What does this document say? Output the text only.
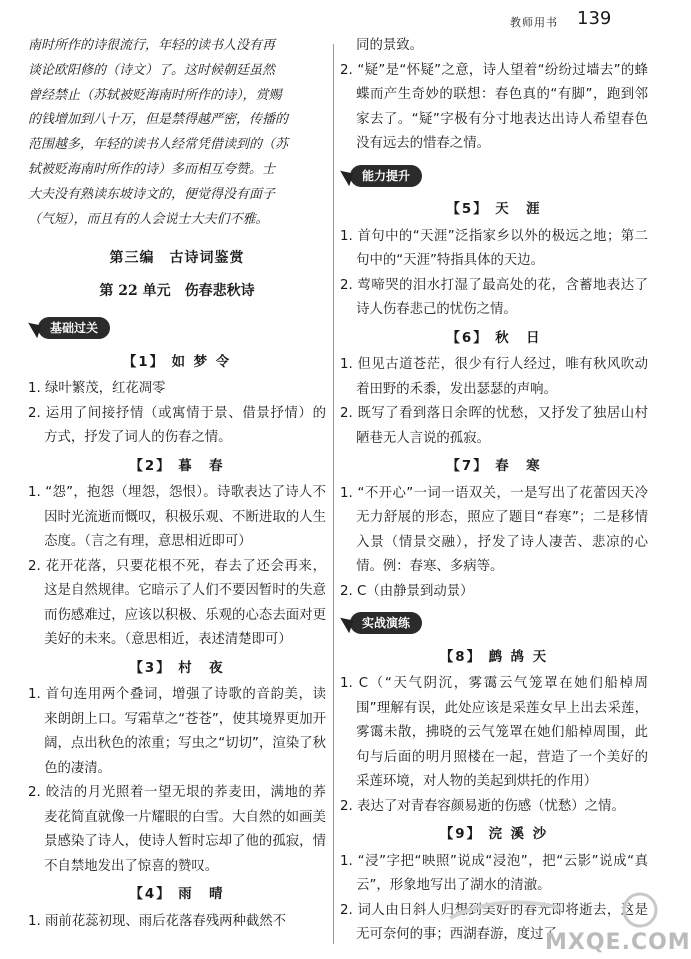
教师用书 139

南时所作的诗很流行，年轻的读书人没有再

谈论欧阳修的（诗文）了。这时候朝廷虽然

曾经禁止（苏轼被贬海南时所作的诗），赏赐

的钱增加到八十万，但是禁得越严密，传播的

范围越多，年轻的读书人经常凭借读到的（苏

轼被贬海南时所作的诗）多而相互夸赞。士

大夫没有熟读东坡诗文的，便觉得没有面子

（气短），而且有的人会说士大夫们不雅。

第三编　古诗词鉴赏

第 22 单元　伤春悲秋诗

基础过关

【1】 如 梦 令

1. 绿叶繁茂，红花凋零

2. 运用了间接抒情（或寓情于景、借景抒情）的方式，抒发了词人的伤春之情。

【2】 暮　春

1. “怨”，抱怨（埋怨，怨恨）。诗歌表达了诗人不因时光流逝而慨叹，积极乐观、不断进取的人生态度。（言之有理，意思相近即可）

2. 花开花落，只要花根不死，春去了还会再来，这是自然规律。它暗示了人们不要因暂时的失意而伤感难过，应该以积极、乐观的心态去面对更美好的未来。（意思相近，表述清楚即可）

【3】 村　夜

1. 首句连用两个叠词，增强了诗歌的音韵美，读来朗朗上口。写霜草之“苍苍”，使其境界更加开阔，点出秋色的浓重；写虫之“切切”，渲染了秋色的凄清。

2. 皎洁的月光照着一望无垠的荞麦田，满地的荞麦花简直就像一片耀眼的白雪。大自然的如画美景感染了诗人，使诗人暂时忘却了他的孤寂，情不自禁地发出了惊喜的赞叹。

【4】 雨　晴

1. 雨前花蕊初现、雨后花落春残两种截然不

同的景致。

2. “疑”是“怀疑”之意，诗人望着“纷纷过墙去”的蜂蝶而产生奇妙的联想：春色真的“有脚”，跑到邻家去了。“疑”字极有分寸地表达出诗人希望春色没有远去的惜春之情。

能力提升

【5】 天　涯

1. 首句中的“天涯”泛指家乡以外的极远之地；第二句中的“天涯”特指具体的天边。

2. 莺啼哭的泪水打湿了最高处的花，含蓄地表达了诗人伤春悲己的忧伤之情。

【6】 秋　日

1. 但见古道苍茫，很少有行人经过，唯有秋风吹动着田野的禾黍，发出瑟瑟的声响。

2. 既写了看到落日余晖的忧愁，又抒发了独居山村陋巷无人言说的孤寂。

【7】 春　寒

1. “不开心”一词一语双关，一是写出了花蕾因天冷无力舒展的形态，照应了题目“春寒”；二是移情入景（情景交融），抒发了诗人凄苦、悲凉的心情。例：春寒、多病等。

2. C（由静景到动景）

实战演练

【8】 鹧 鸪 天

1. C（“天气阴沉，雾霭云气笼罩在她们船棹周围”理解有误，此处应该是采莲女早上出去采莲，雾霭未散，拂晓的云气笼罩在她们船棹周围，此句与后面的明月照楼在一起，营造了一个美好的采莲环境，对人物的美起到烘托的作用）

2. 表达了对青春容颜易逝的伤感（忧愁）之情。

【9】 浣 溪 沙

1. “浸”字把“映照”说成“浸泡”，把“云影”说成“真云”，形象地写出了湖水的清澈。

2. 词人由日斜人归想到美好的春光即将逝去，这是无可奈何的事；西湖春游，度过了

MXQE.COM
